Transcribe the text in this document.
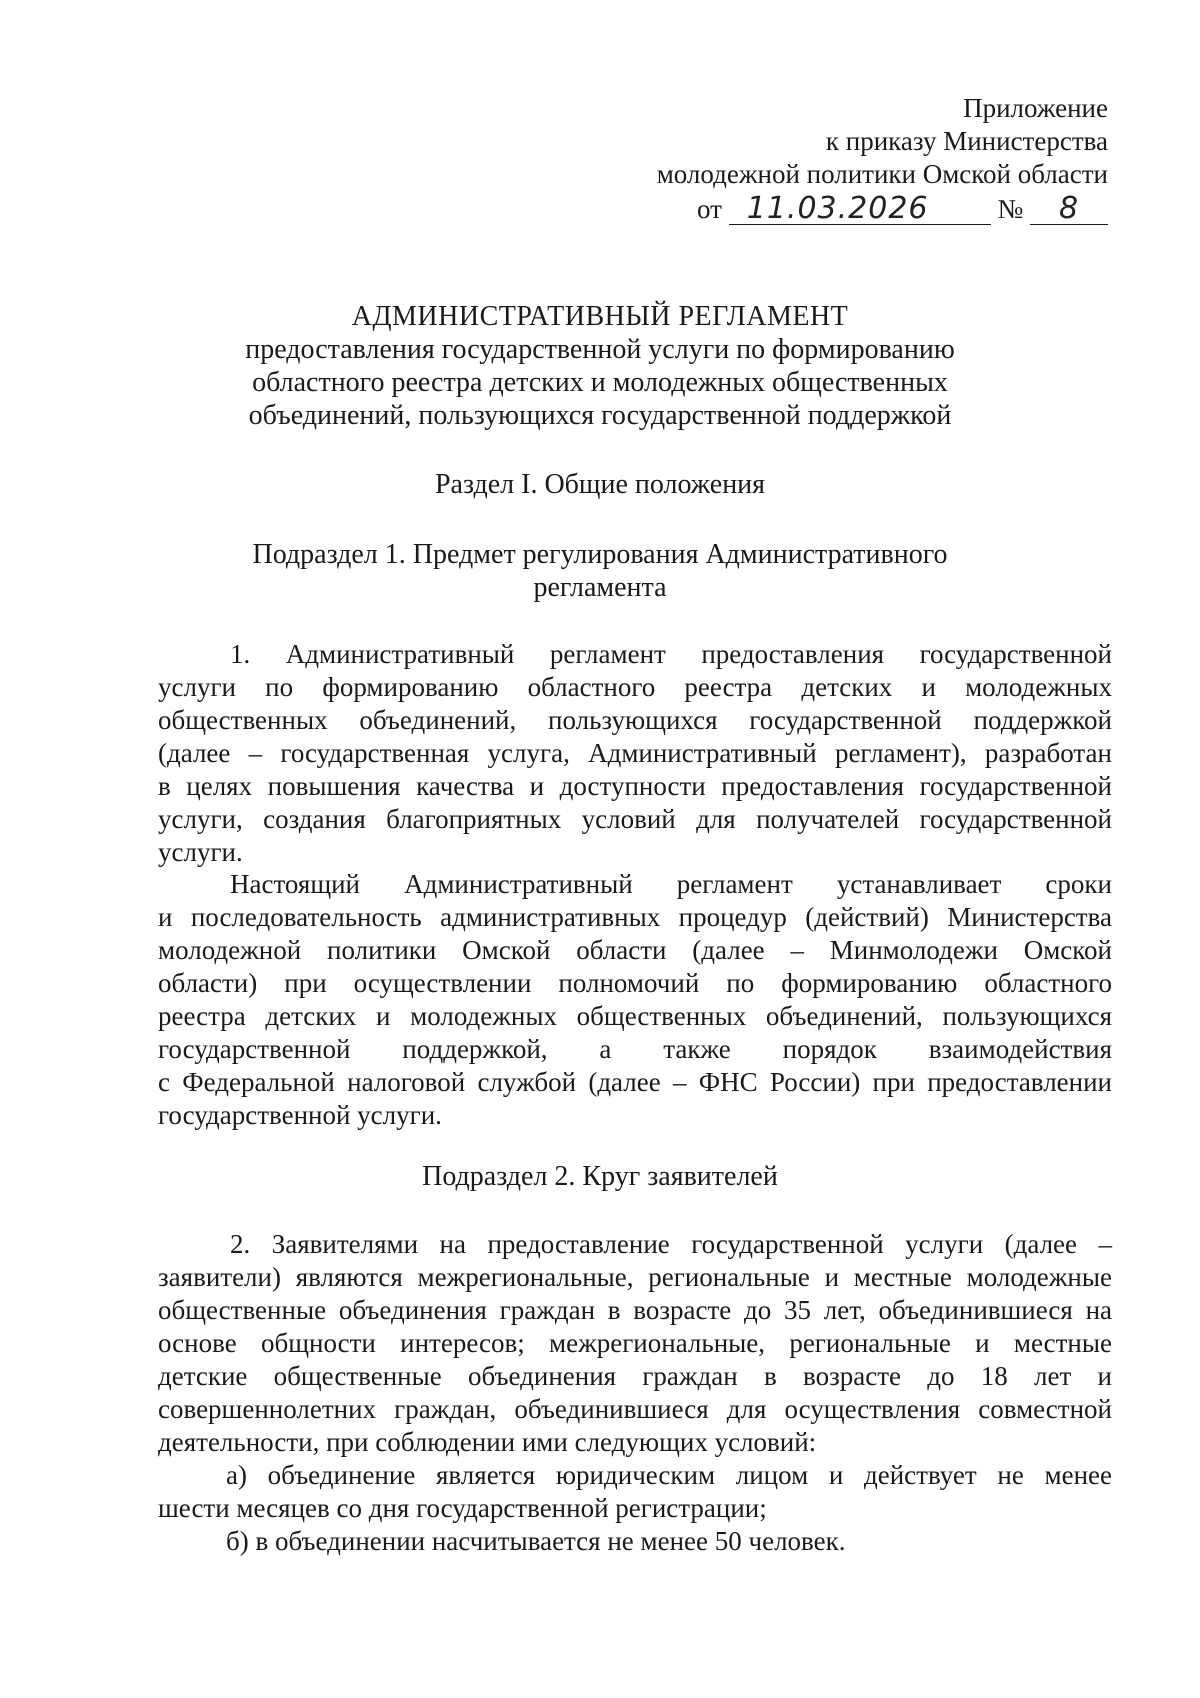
Приложение
к приказу Министерства
молодежной политики Омской области
от 11.03.2026	№ 8
АДМИНИСТРАТИВНЫЙ РЕГЛАМЕНТ
предоставления государственной услуги по формированию
областного реестра детских и молодежных общественных
объединений, пользующихся государственной поддержкой
Раздел I. Общие положения
Подраздел 1. Предмет регулирования Административного
регламента
1. Административный регламент предоставления государственной
услуги по формированию областного реестра детских и молодежных
общественных объединений, пользующихся государственной поддержкой
(далее – государственная услуга, Административный регламент), разработан
в целях повышения качества и доступности предоставления государственной
услуги, создания благоприятных условий для получателей государственной
услуги.
Настоящий Административный регламент устанавливает сроки
и последовательность административных процедур (действий) Министерства
молодежной политики Омской области (далее – Минмолодежи Омской
области) при осуществлении полномочий по формированию областного
реестра детских и молодежных общественных объединений, пользующихся
государственной поддержкой, а также порядок взаимодействия
с Федеральной налоговой службой (далее – ФНС России) при предоставлении
государственной услуги.
Подраздел 2. Круг заявителей
2. Заявителями на предоставление государственной услуги (далее –
заявители) являются межрегиональные, региональные и местные молодежные
общественные объединения граждан в возрасте до 35 лет, объединившиеся на
основе общности интересов; межрегиональные, региональные и местные
детские общественные объединения граждан в возрасте до 18 лет и
совершеннолетних граждан, объединившиеся для осуществления совместной
деятельности, при соблюдении ими следующих условий:
а) объединение является юридическим лицом и действует не менее
шести месяцев со дня государственной регистрации;
б) в объединении насчитывается не менее 50 человек.
